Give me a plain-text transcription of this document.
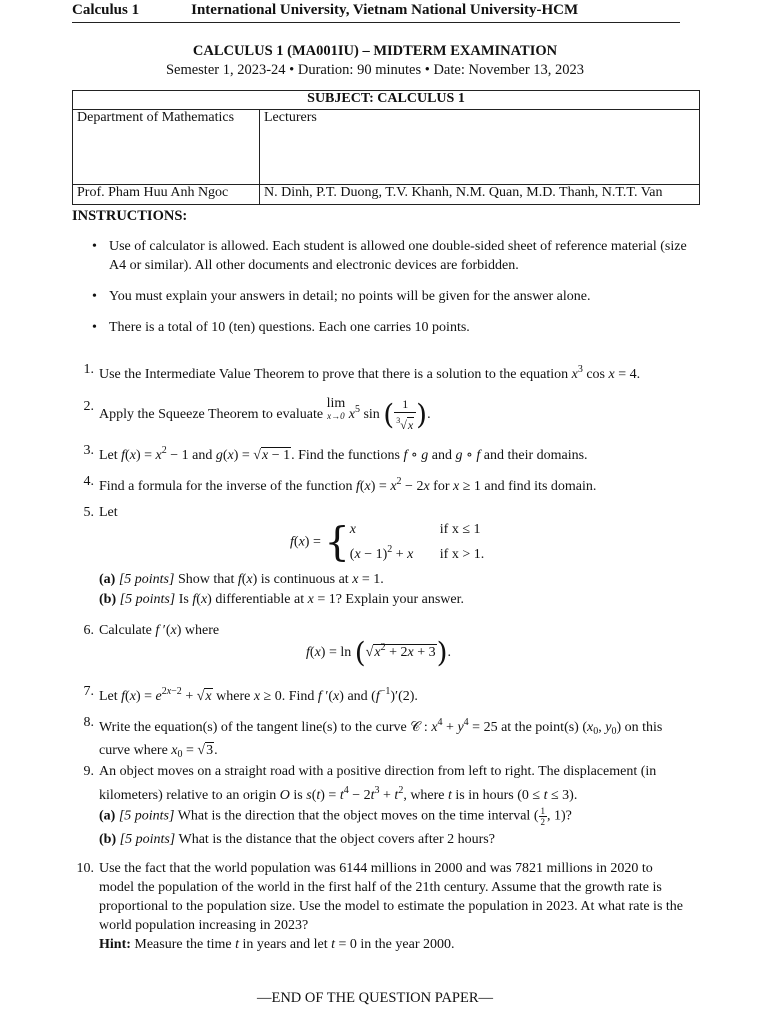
Calculus 1	International University, Vietnam National University-HCM
CALCULUS 1 (MA001IU) – MIDTERM EXAMINATION
Semester 1, 2023-24 • Duration: 90 minutes • Date: November 13, 2023
SUBJECT: CALCULUS 1	
Department of Mathematics	Lecturers
Prof. Pham Huu Anh Ngoc	N. Dinh, P.T. Duong, T.V. Khanh, N.M. Quan, M.D. Thanh, N.T.T. Van
INSTRUCTIONS:
• Use of calculator is allowed. Each student is allowed one double-sided sheet of reference material (size A4 or similar). All other documents and electronic devices are forbidden.
• You must explain your answers in detail; no points will be given for the answer alone.
• There is a total of 10 (ten) questions. Each one carries 10 points.
1. Use the Intermediate Value Theorem to prove that there is a solution to the equation $x^3$ cos x = 4.
2.
Apply the Squeeze Theorem to evaluate
lim
x→0 $x^5$ sin ( $\frac{1}{^3√x}$ ).
3. Let $f(x) = x^2 - 1$ and g(x) = √x − 1. Find the functions f ∘ g and g ∘ f and their domains.
4. Find a formula for the inverse of the function $f(x) = x^2 - 2x$ for x ≥ 1 and find its domain.
5. Let
f(x) = { x	if x ≤ 1
$(x - 1)^2 + x$ if x > 1.
(a) [5 points] Show that f(x) is continuous at x = 1.
(b) [5 points] Is f(x) differentiable at x = 1? Explain your answer.
6. Calculate f ′(x) where
$f(x) = \ln (√x^2 + 2x + 3)$.
7. Let $f(x) = e^{2x-2} + √x$ where x ≥ 0. Find f ′(x) and $(f^{-1})'(2)$.
8. Write the equation(s) of the tangent line(s) to the curve 𝒞 : $x^4 + y^4 = 25$ at the point(s) ($x_0$, $y_0$) on this curve where $x_0 = √3$.
9. An object moves on a straight road with a positive direction from left to right. The displacement (in kilometers) relative to an origin O is $s(t) = t^4 - 2t^3 + t^2$, where t is in hours (0 ≤ t ≤ 3).
(a) [5 points] What is the direction that the object moves on the time interval ( $\frac{1}{2}$ , 1)?
(b) [5 points] What is the distance that the object covers after 2 hours?
10. Use the fact that the world population was 6144 millions in 2000 and was 7821 millions in 2020 to model the population of the world in the first half of the 21th century. Assume that the growth rate is proportional to the population size. Use the model to estimate the population in 2023. At what rate is the world population increasing in 2023?
Hint: Measure the time t in years and let t = 0 in the year 2000.
—END OF THE QUESTION PAPER—
